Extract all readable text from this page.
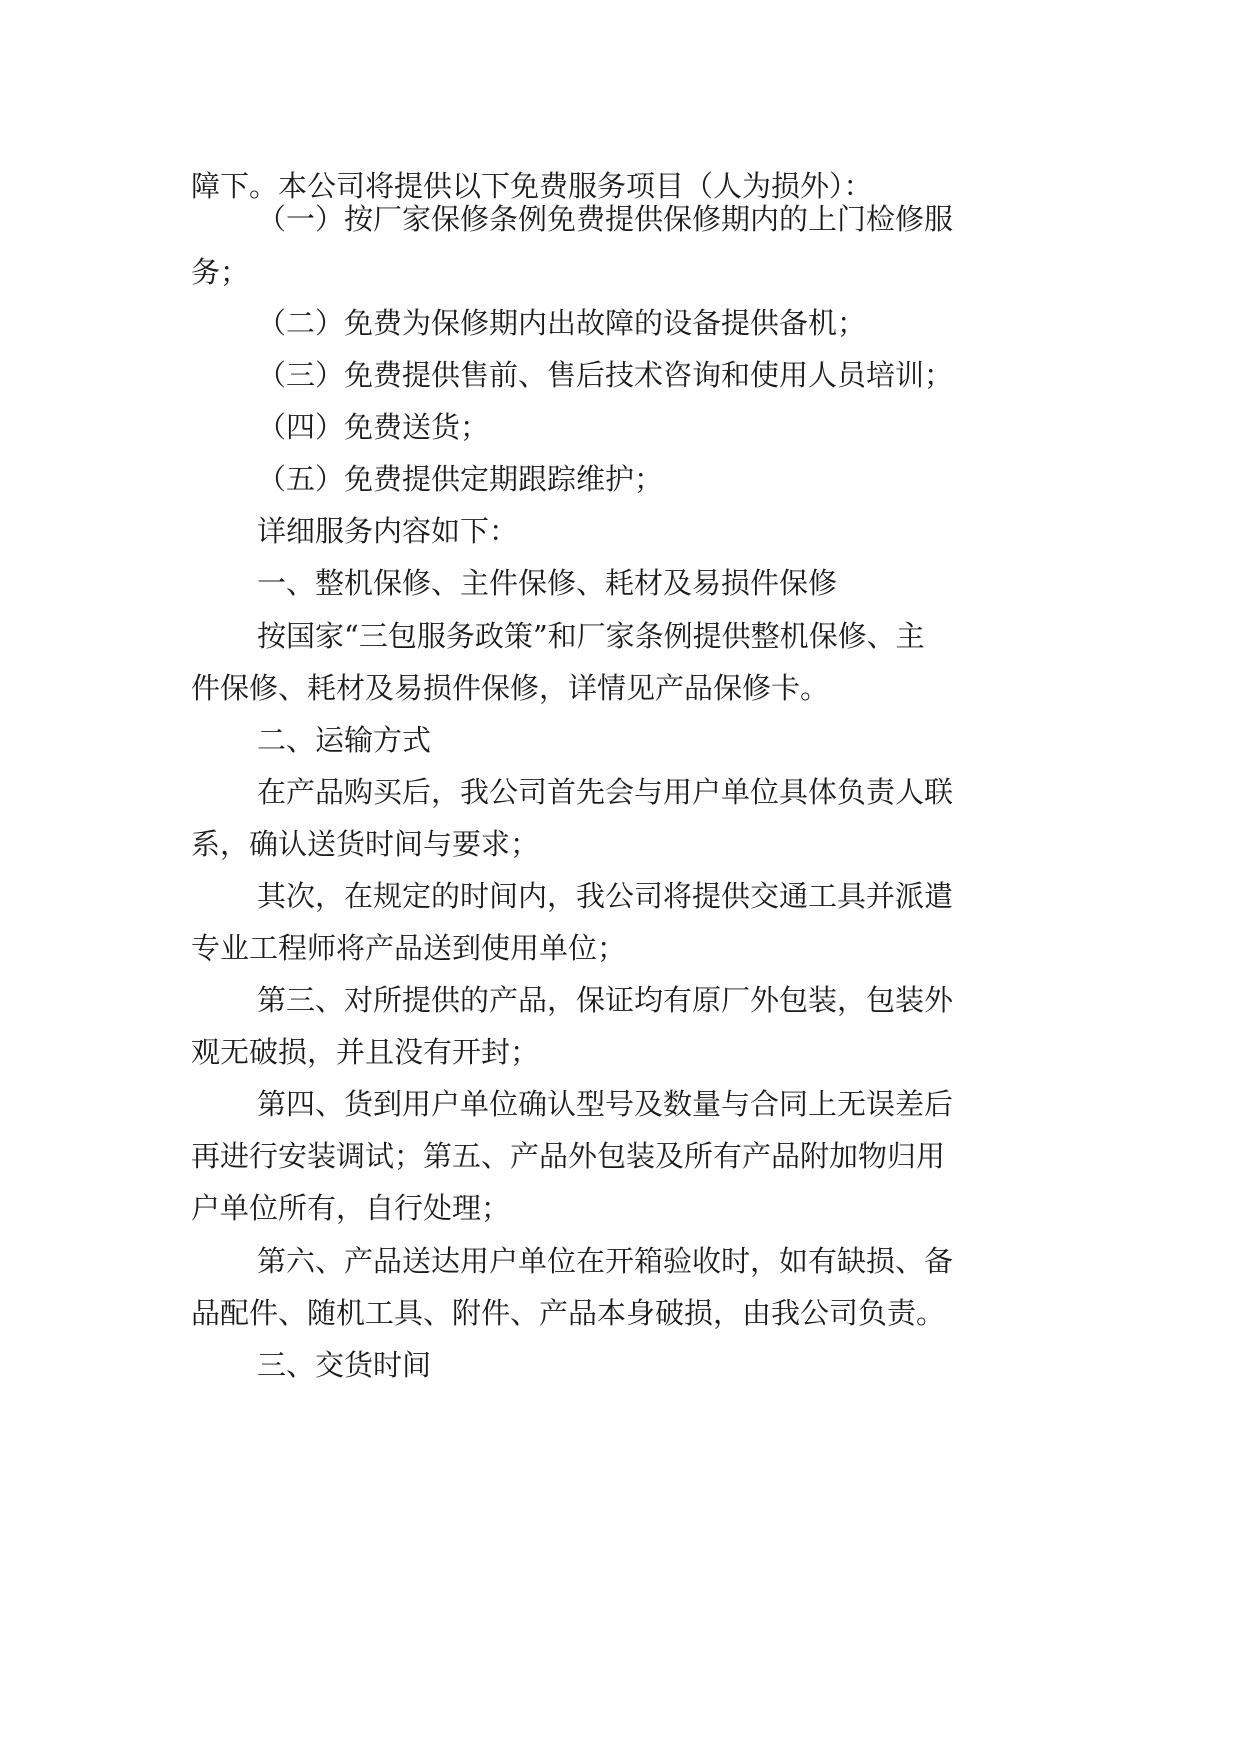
障下。本公司将提供以下免费服务项目（人为损外）：
（一）按厂家保修条例免费提供保修期内的上门检修服
务；
（二）免费为保修期内出故障的设备提供备机；
（三）免费提供售前、售后技术咨询和使用人员培训；
（四）免费送货；
（五）免费提供定期跟踪维护；
详细服务内容如下：
一、整机保修、主件保修、耗材及易损件保修
按国家“三包服务政策”和厂家条例提供整机保修、主
件保修、耗材及易损件保修，详情见产品保修卡。
二、运输方式
在产品购买后，我公司首先会与用户单位具体负责人联
系，确认送货时间与要求；
其次，在规定的时间内，我公司将提供交通工具并派遣
专业工程师将产品送到使用单位；
第三、对所提供的产品，保证均有原厂外包装，包装外
观无破损，并且没有开封；
第四、货到用户单位确认型号及数量与合同上无误差后
再进行安装调试；第五、产品外包装及所有产品附加物归用
户单位所有，自行处理；
第六、产品送达用户单位在开箱验收时，如有缺损、备
品配件、随机工具、附件、产品本身破损，由我公司负责。
三、交货时间
